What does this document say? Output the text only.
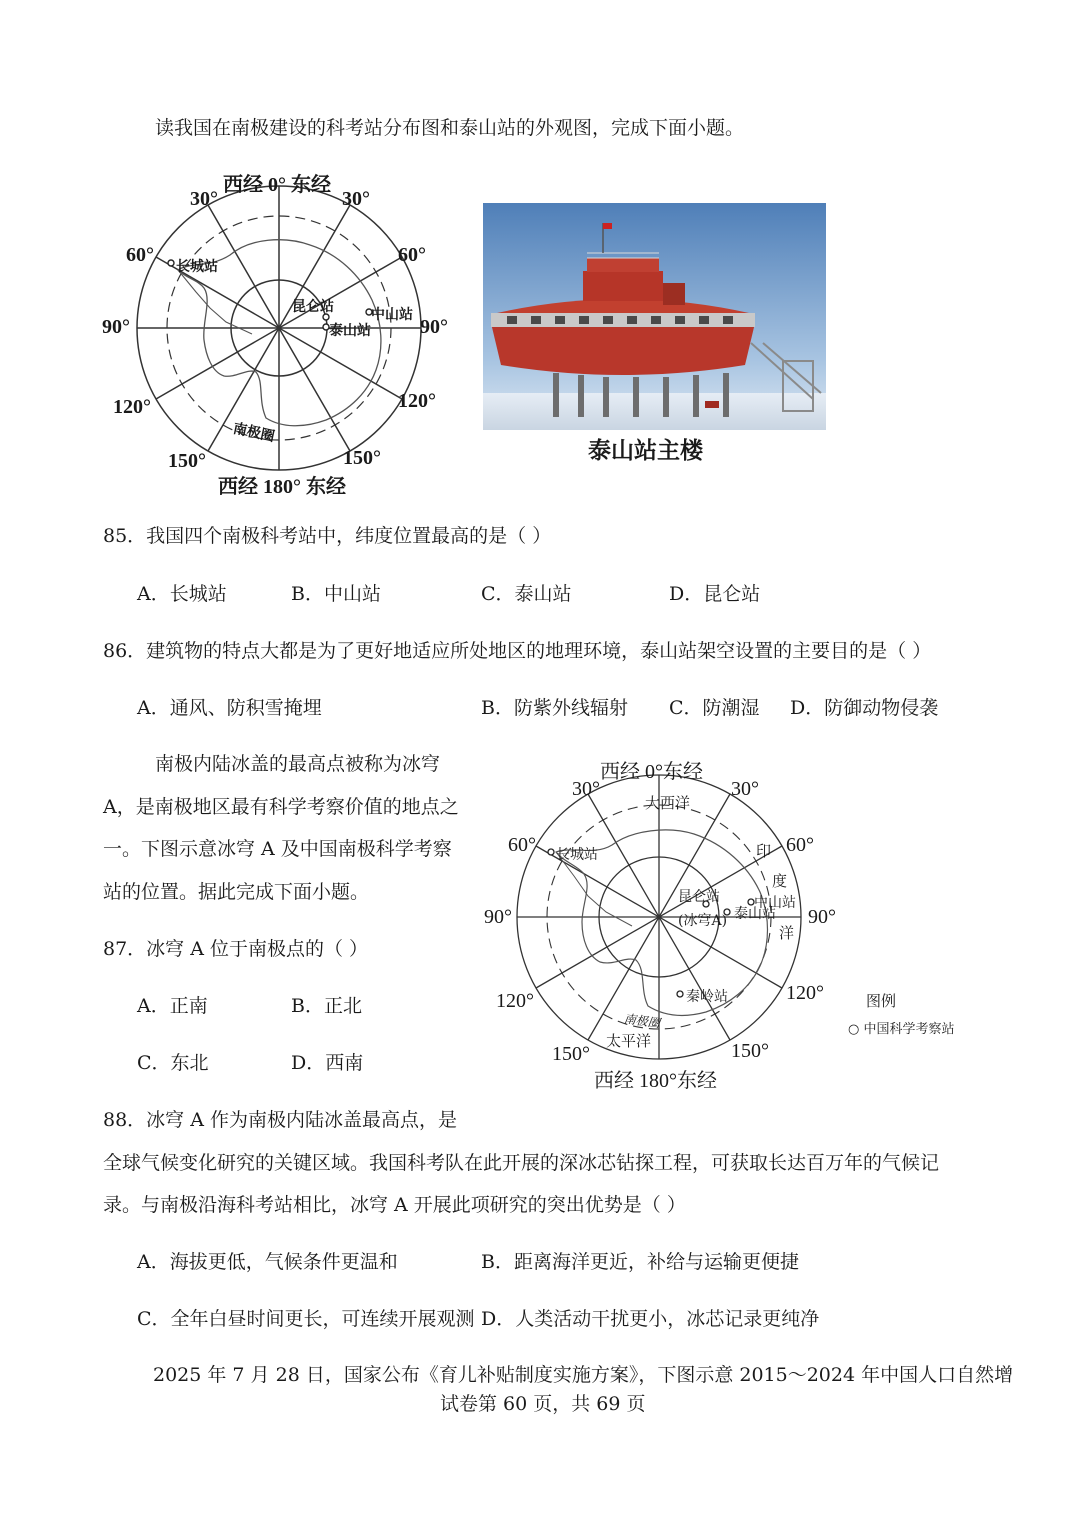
读我国在南极建设的科考站分布图和泰山站的外观图，完成下面小题。
西经 0° 东经
30°	30°
60°	60°
90°	90°
120°	120°
150°	150°
西经 180° 东经
长城站
昆仑站	中山站
泰山站
南极圈
泰山站主楼
85．我国四个南极科考站中，纬度位置最高的是（ ）
A．长城站	B．中山站	C．泰山站	D．昆仑站
86．建筑物的特点大都是为了更好地适应所处地区的地理环境，泰山站架空设置的主要目的是（ ）
A．通风、防积雪掩埋	B．防紫外线辐射 C．防潮湿 D．防御动物侵袭
南极内陆冰盖的最高点被称为冰穹
A，是南极地区最有科学考察价值的地点之
一。下图示意冰穹 A 及中国南极科学考察
站的位置。据此完成下面小题。
87．冰穹 A 位于南极点的（ ）
A．正南	B．正北
C．东北	D．西南
西经 0°东经
30°	30°
60°	60°
90°	90°
120°	120°
150°	150°
西经 180°东经
大西洋
印
度
洋
太平洋
长城站
昆仑站
(冰穹A)
中山站
泰山站
秦岭站
南极圈
图例
○ 中国科学考察站
88．冰穹 A 作为南极内陆冰盖最高点，是
全球气候变化研究的关键区域。我国科考队在此开展的深冰芯钻探工程，可获取长达百万年的气候记
录。与南极沿海科考站相比，冰穹 A 开展此项研究的突出优势是（ ）
A．海拔更低，气候条件更温和	B．距离海洋更近，补给与运输更便捷
C．全年白昼时间更长，可连续开展观测 D．人类活动干扰更小，冰芯记录更纯净
2025 年 7 月 28 日，国家公布《育儿补贴制度实施方案》，下图示意 2015～2024 年中国人口自然增
试卷第 60 页，共 69 页
